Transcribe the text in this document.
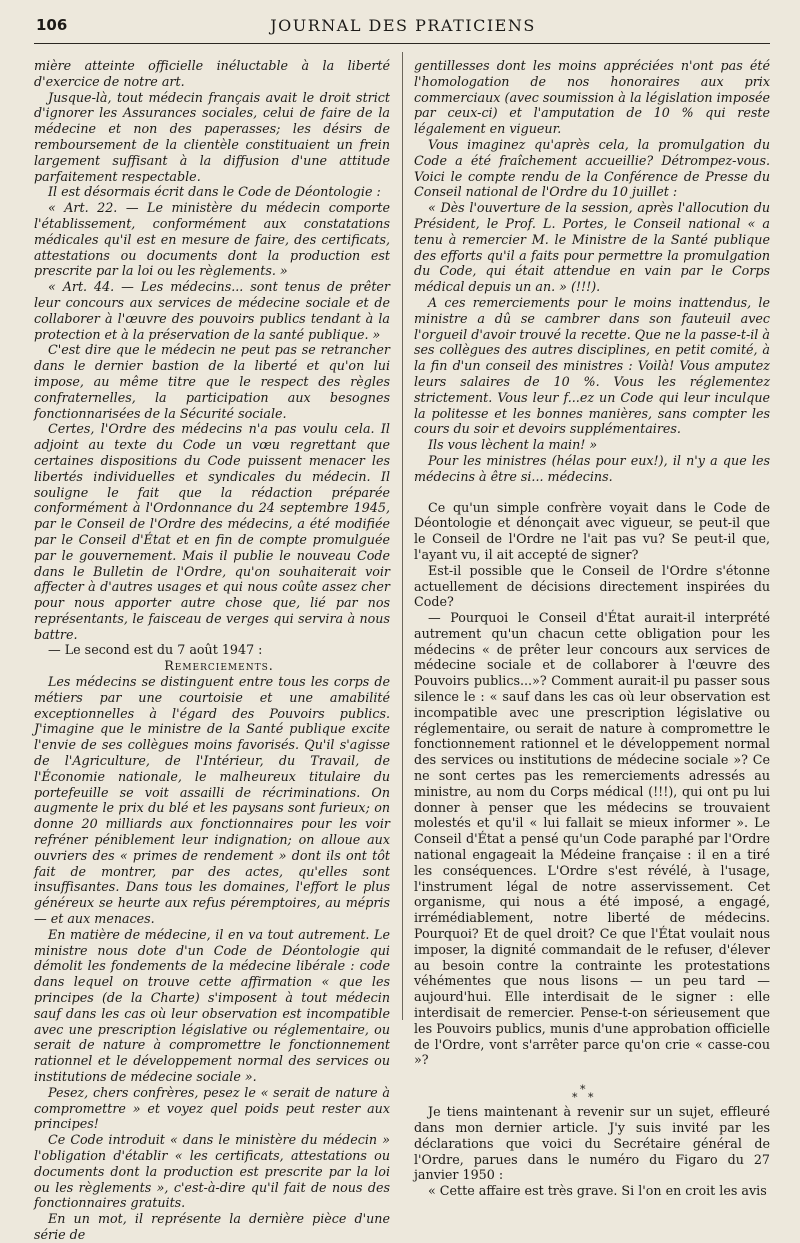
106	JOURNAL DES PRATICIENS

mière atteinte officielle inéluctable à la liberté d'exercice de notre art.

Jusque-là, tout médecin français avait le droit strict d'ignorer les Assurances sociales, celui de faire de la médecine et non des paperasses; les désirs de remboursement de la clientèle constituaient un frein largement suffisant à la diffusion d'une attitude parfaitement respectable.

Il est désormais écrit dans le Code de Déontologie :

« Art. 22. — Le ministère du médecin comporte l'établissement, conformément aux constatations médicales qu'il est en mesure de faire, des certificats, attestations ou documents dont la production est prescrite par la loi ou les règlements. »

« Art. 44. — Les médecins... sont tenus de prêter leur concours aux services de médecine sociale et de collaborer à l'œuvre des pouvoirs publics tendant à la protection et à la préservation de la santé publique. »

C'est dire que le médecin ne peut pas se retrancher dans le dernier bastion de la liberté et qu'on lui impose, au même titre que le respect des règles confraternelles, la participation aux besognes fonctionnarisées de la Sécurité sociale.

Certes, l'Ordre des médecins n'a pas voulu cela. Il adjoint au texte du Code un vœu regrettant que certaines dispositions du Code puissent menacer les libertés individuelles et syndicales du médecin. Il souligne le fait que la rédaction préparée conformément à l'Ordonnance du 24 septembre 1945, par le Conseil de l'Ordre des médecins, a été modifiée par le Conseil d'État et en fin de compte promulguée par le gouvernement. Mais il publie le nouveau Code dans le Bulletin de l'Ordre, qu'on souhaiterait voir affecter à d'autres usages et qui nous coûte assez cher pour nous apporter autre chose que, lié par nos représentants, le faisceau de verges qui servira à nous battre.

— Le second est du 7 août 1947 :

Remerciements.

Les médecins se distinguent entre tous les corps de métiers par une courtoisie et une amabilité exceptionnelles à l'égard des Pouvoirs publics. J'imagine que le ministre de la Santé publique excite l'envie de ses collègues moins favorisés. Qu'il s'agisse de l'Agriculture, de l'Intérieur, du Travail, de l'Économie nationale, le malheureux titulaire du portefeuille se voit assailli de récriminations. On augmente le prix du blé et les paysans sont furieux; on donne 20 milliards aux fonctionnaires pour les voir refréner péniblement leur indignation; on alloue aux ouvriers des « primes de rendement » dont ils ont tôt fait de montrer, par des actes, qu'elles sont insuffisantes. Dans tous les domaines, l'effort le plus généreux se heurte aux refus péremptoires, au mépris — et aux menaces.

En matière de médecine, il en va tout autrement. Le ministre nous dote d'un Code de Déontologie qui démolit les fondements de la médecine libérale : code dans lequel on trouve cette affirmation « que les principes (de la Charte) s'imposent à tout médecin sauf dans les cas où leur observation est incompatible avec une prescription législative ou réglementaire, ou serait de nature à compromettre le fonctionnement rationnel et le développement normal des services ou institutions de médecine sociale ».

Pesez, chers confrères, pesez le « serait de nature à compromettre » et voyez quel poids peut rester aux principes!

Ce Code introduit « dans le ministère du médecin » l'obligation d'établir « les certificats, attestations ou documents dont la production est prescrite par la loi ou les règlements », c'est-à-dire qu'il fait de nous des fonctionnaires gratuits.

En un mot, il représente la dernière pièce d'une série de

gentillesses dont les moins appréciées n'ont pas été l'homologation de nos honoraires aux prix commerciaux (avec soumission à la législation imposée par ceux-ci) et l'amputation de 10 % qui reste légalement en vigueur.

Vous imaginez qu'après cela, la promulgation du Code a été fraîchement accueillie? Détrompez-vous. Voici le compte rendu de la Conférence de Presse du Conseil national de l'Ordre du 10 juillet :

« Dès l'ouverture de la session, après l'allocution du Président, le Prof. L. Portes, le Conseil national « a tenu à remercier M. le Ministre de la Santé publique des efforts qu'il a faits pour permettre la promulgation du Code, qui était attendue en vain par le Corps médical depuis un an. » (!!!).

A ces remerciements pour le moins inattendus, le ministre a dû se cambrer dans son fauteuil avec l'orgueil d'avoir trouvé la recette. Que ne la passe-t-il à ses collègues des autres disciplines, en petit comité, à la fin d'un conseil des ministres : Voilà! Vous amputez leurs salaires de 10 %. Vous les réglementez strictement. Vous leur f...ez un Code qui leur inculque la politesse et les bonnes manières, sans compter les cours du soir et devoirs supplémentaires.

Ils vous lèchent la main! »

Pour les ministres (hélas pour eux!), il n'y a que les médecins à être si... médecins.

Ce qu'un simple confrère voyait dans le Code de Déontologie et dénonçait avec vigueur, se peut-il que le Conseil de l'Ordre ne l'ait pas vu? Se peut-il que, l'ayant vu, il ait accepté de signer?

Est-il possible que le Conseil de l'Ordre s'étonne actuellement de décisions directement inspirées du Code?

— Pourquoi le Conseil d'État aurait-il interprété autrement qu'un chacun cette obligation pour les médecins « de prêter leur concours aux services de médecine sociale et de collaborer à l'œuvre des Pouvoirs publics...»? Comment aurait-il pu passer sous silence le : « sauf dans les cas où leur observation est incompatible avec une prescription législative ou réglementaire, ou serait de nature à compromettre le fonctionnement rationnel et le développement normal des services ou institutions de médecine sociale »? Ce ne sont certes pas les remerciements adressés au ministre, au nom du Corps médical (!!!), qui ont pu lui donner à penser que les médecins se trouvaient molestés et qu'il « lui fallait se mieux informer ». Le Conseil d'État a pensé qu'un Code paraphé par l'Ordre national engageait la Médeine française : il en a tiré les conséquences. L'Ordre s'est révélé, à l'usage, l'instrument légal de notre asservissement. Cet organisme, qui nous a été imposé, a engagé, irrémédiablement, notre liberté de médecins. Pourquoi? Et de quel droit? Ce que l'État voulait nous imposer, la dignité commandait de le refuser, d'élever au besoin contre la contrainte les protestations véhémentes que nous lisons — un peu tard — aujourd'hui. Elle interdisait de le signer : elle interdisait de remercier. Pense-t-on sérieusement que les Pouvoirs publics, munis d'une approbation officielle de l'Ordre, vont s'arrêter parce qu'on crie « casse-cou »?

*
* *

Je tiens maintenant à revenir sur un sujet, effleuré dans mon dernier article. J'y suis invité par les déclarations que voici du Secrétaire général de l'Ordre, parues dans le numéro du Figaro du 27 janvier 1950 :

« Cette affaire est très grave. Si l'on en croit les avis
